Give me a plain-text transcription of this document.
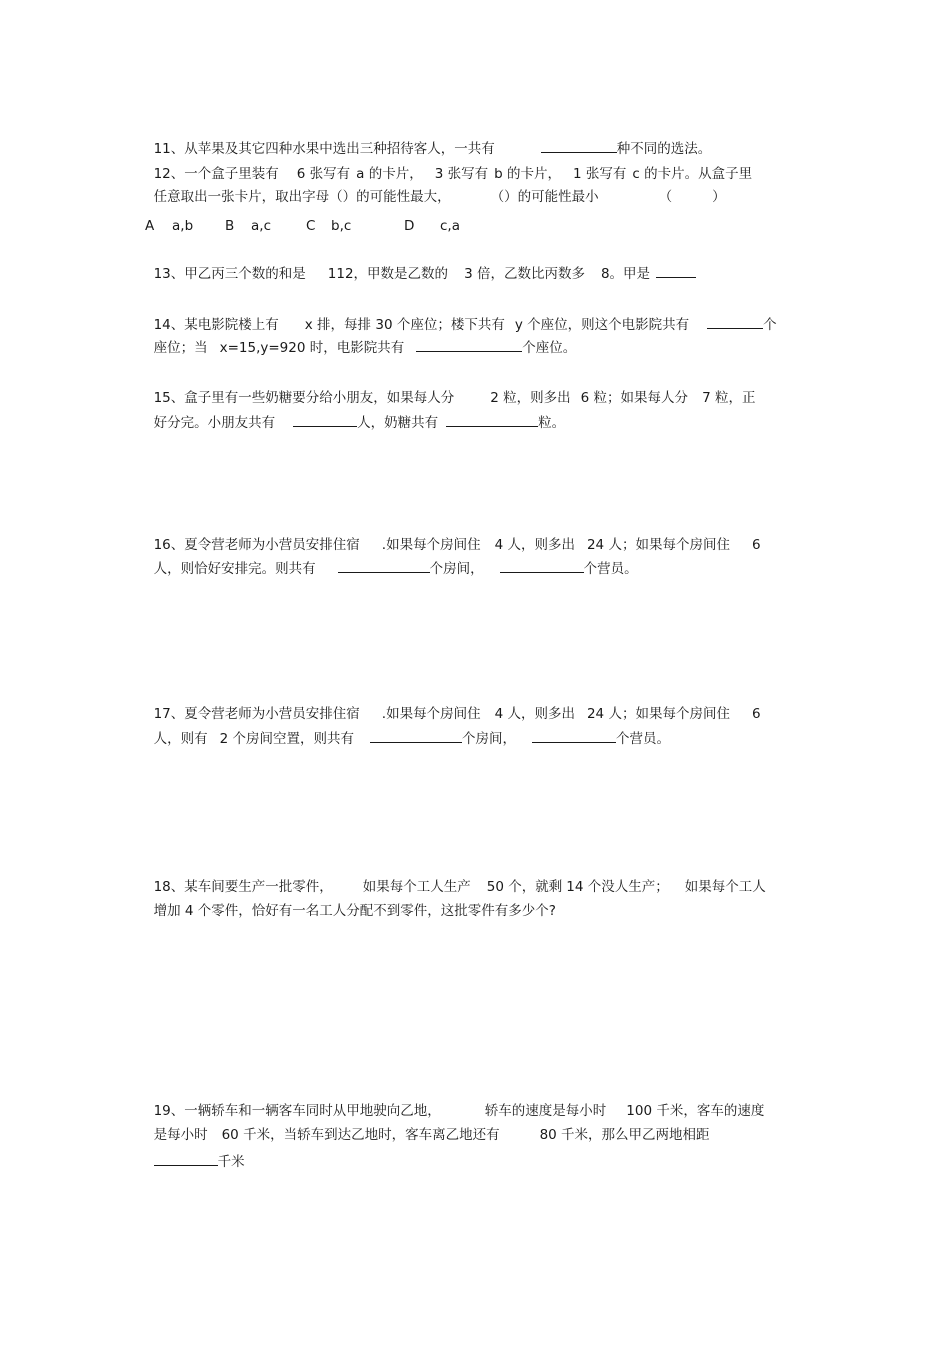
11、从苹果及其它四种水果中选出三种招待客人，一共有	种不同的选法。

12、一个盒子里装有 6 张写有 a 的卡片， 3 张写有 b 的卡片， 1 张写有 c 的卡片。从盒子里

任意取出一张卡片，取出字母（）的可能性最大，	（）的可能性最小	（	）

A a,b B a,c	C b,c	D c,a

13、甲乙丙三个数的和是 112，甲数是乙数的 3 倍，乙数比丙数多 8。甲是

14、某电影院楼上有 x 排，每排 30 个座位；楼下共有 y 个座位，则这个电影院共有	个

座位；当 x=15,y=920 时，电影院共有	个座位。

15、盒子里有一些奶糖要分给小朋友，如果每人分	2 粒，则多出 6 粒；如果每人分 7 粒，正

好分完。小朋友共有	人，奶糖共有	粒。

16、夏令营老师为小营员安排住宿 .如果每个房间住 4 人，则多出 24 人；如果每个房间住 6

人，则恰好安排完。则共有	个房间，	个营员。

17、夏令营老师为小营员安排住宿 .如果每个房间住 4 人，则多出 24 人；如果每个房间住 6

人，则有 2 个房间空置，则共有	个房间，	个营员。

18、某车间要生产一批零件， 如果每个工人生产 50 个，就剩 14 个没人生产； 如果每个工人

增加 4 个零件，恰好有一名工人分配不到零件，这批零件有多少个?

19、一辆轿车和一辆客车同时从甲地驶向乙地，	轿车的速度是每小时 100 千米，客车的速度

是每小时 60 千米，当轿车到达乙地时，客车离乙地还有	80 千米，那么甲乙两地相距

千米
